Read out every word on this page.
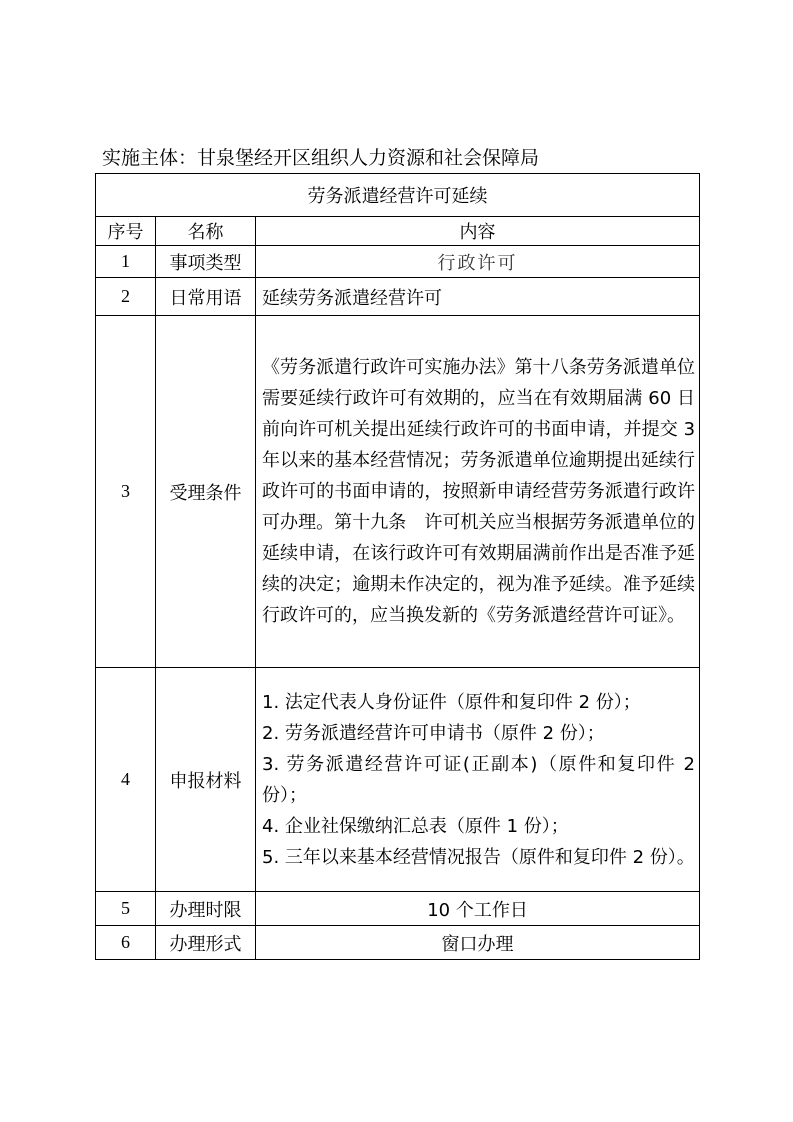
实施主体：甘泉堡经开区组织人力资源和社会保障局
劳务派遣经营许可延续		
序号	名称	内容
1	事项类型	行政许可
2	日常用语	延续劳务派遣经营许可
3	受理条件	《劳务派遣行政许可实施办法》第十八条劳务派遣单位需要延续行政许可有效期的，应当在有效期届满 60 日前向许可机关提出延续行政许可的书面申请，并提交 3 年以来的基本经营情况；劳务派遣单位逾期提出延续行政许可的书面申请的，按照新申请经营劳务派遣行政许可办理。第十九条　许可机关应当根据劳务派遣单位的延续申请，在该行政许可有效期届满前作出是否准予延续的决定；逾期未作决定的，视为准予延续。准予延续行政许可的，应当换发新的《劳务派遣经营许可证》。
4	申报材料	1. 法定代表人身份证件（原件和复印件 2 份）；
2. 劳务派遣经营许可申请书（原件 2 份）；
3. 劳务派遣经营许可证(正副本)（原件和复印件 2 份）；
4. 企业社保缴纳汇总表（原件 1 份）；
5. 三年以来基本经营情况报告（原件和复印件 2 份）。

5	办理时限	10 个工作日
6	办理形式	窗口办理
